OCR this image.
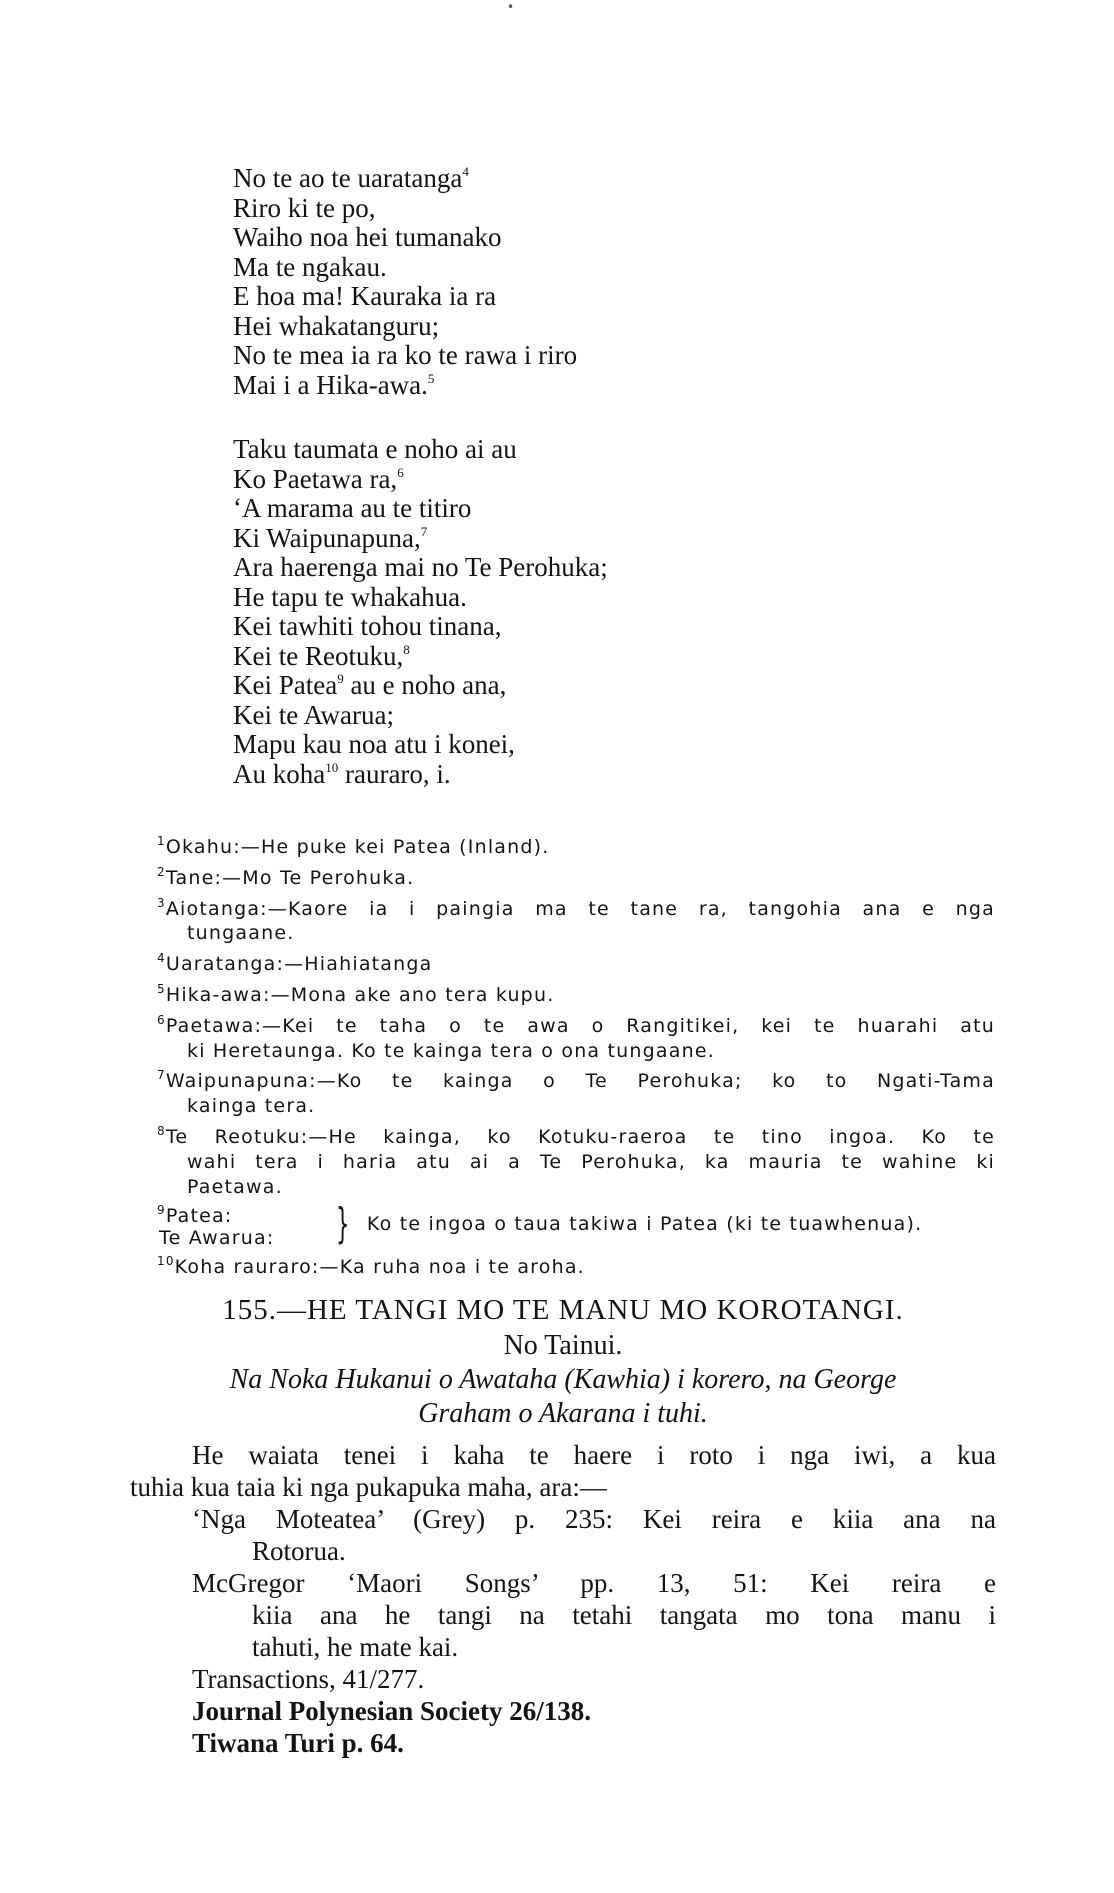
•
No te ao te uaratanga$^4$
Riro ki te po,
Waiho noa hei tumanako
Ma te ngakau.
E hoa ma! Kauraka ia ra
Hei whakatanguru;
No te mea ia ra ko te rawa i riro
Mai i a Hika-awa.$^5$
Taku taumata e noho ai au
Ko Paetawa ra,$^6$
‘A marama au te titiro
Ki Waipunapuna,$^7$
Ara haerenga mai no Te Perohuka;
He tapu te whakahua.
Kei tawhiti tohou tinana,
Kei te Reotuku,$^8$
Kei Patea$^9$ au e noho ana,
Kei te Awarua;
Mapu kau noa atu i konei,
Au koha$^{10}$ rauraro, i.
$^1$Okahu:—He puke kei Patea (Inland).
$^2$Tane:—Mo Te Perohuka.
$^3$Aiotanga:—Kaore ia i paingia ma te tane ra, tangohia ana e nga
tungaane.
$^4$Uaratanga:—Hiahiatanga
$^5$Hika-awa:—Mona ake ano tera kupu.
$^6$Paetawa:—Kei te taha o te awa o Rangitikei, kei te huarahi atu
ki Heretaunga. Ko te kainga tera o ona tungaane.
$^7$Waipunapuna:—Ko te kainga o Te Perohuka; ko to Ngati-Tama
kainga tera.
$^8$Te Reotuku:—He kainga, ko Kotuku-raeroa te tino ingoa. Ko te
wahi tera i haria atu ai a Te Perohuka, ka mauria te wahine ki
Paetawa.
$^9$Patea:
Te Awarua:	} Ko te ingoa o taua takiwa i Patea (ki te tuawhenua).
$^{10}$Koha rauraro:—Ka ruha noa i te aroha.
155.—HE TANGI MO TE MANU MO KOROTANGI.
No Tainui.
Na Noka Hukanui o Awataha (Kawhia) i korero, na George
Graham o Akarana i tuhi.
He waiata tenei i kaha te haere i roto i nga iwi, a kua
tuhia kua taia ki nga pukapuka maha, ara:—
‘Nga Moteatea’ (Grey) p. 235: Kei reira e kiia ana na
Rotorua.
McGregor ‘Maori Songs’ pp. 13, 51: Kei reira e
kiia ana he tangi na tetahi tangata mo tona manu i
tahuti, he mate kai.
Transactions, 41/277.
Journal Polynesian Society 26/138.
Tiwana Turi p. 64.
